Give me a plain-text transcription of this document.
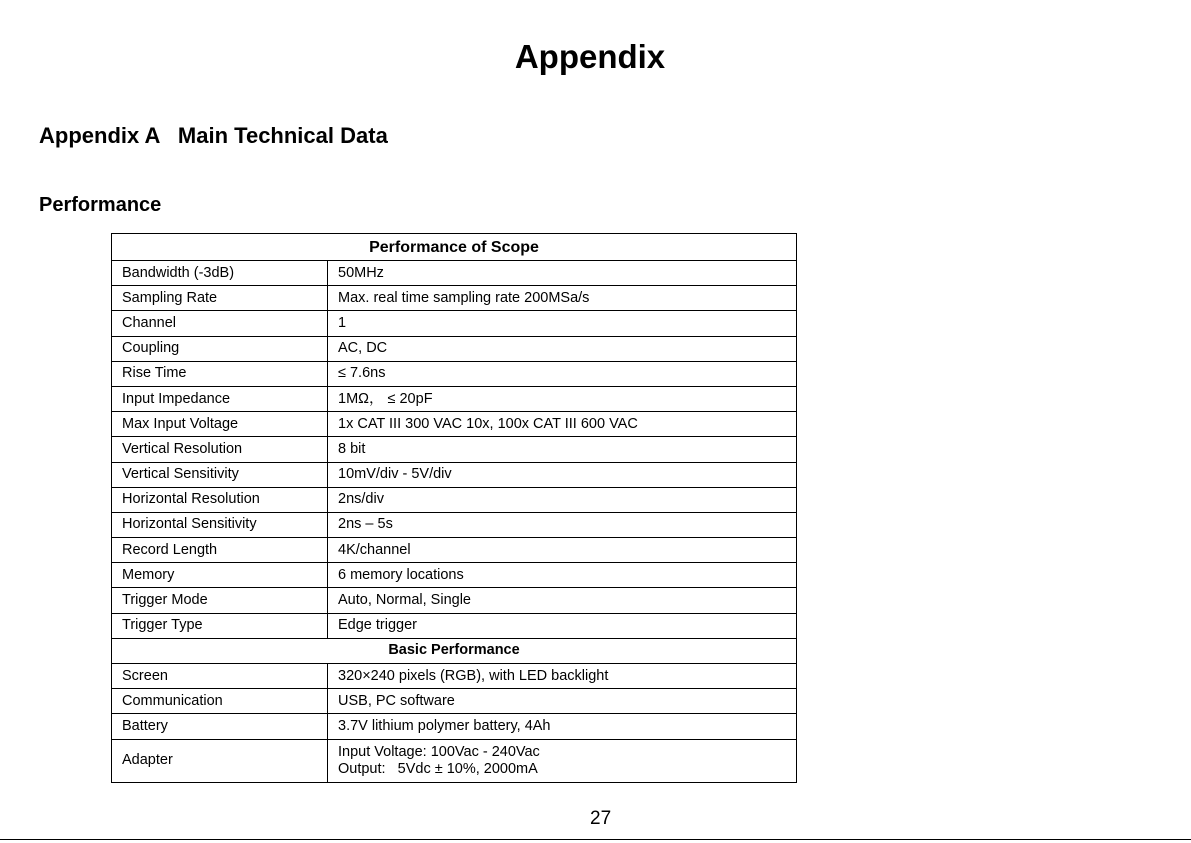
Appendix
Appendix A   Main Technical Data
Performance
Performance of Scope	
Bandwidth (-3dB)	50MHz
Sampling Rate	Max. real time sampling rate 200MSa/s
Channel	1
Coupling	AC, DC
Rise Time	≤ 7.6ns
Input Impedance	1MΩ， ≤ 20pF
Max Input Voltage	1x CAT III 300 VAC 10x, 100x CAT III 600 VAC
Vertical Resolution	8 bit
Vertical Sensitivity	10mV/div - 5V/div
Horizontal Resolution	2ns/div
Horizontal Sensitivity	2ns – 5s
Record Length	4K/channel
Memory	6 memory locations
Trigger Mode	Auto, Normal, Single
Trigger Type	Edge trigger
Basic Performance	
Screen	320×240 pixels (RGB), with LED backlight
Communication	USB, PC software
Battery	3.7V lithium polymer battery, 4Ah
Adapter	Input Voltage: 100Vac - 240Vac
Output:   5Vdc ± 10%, 2000mA

27
